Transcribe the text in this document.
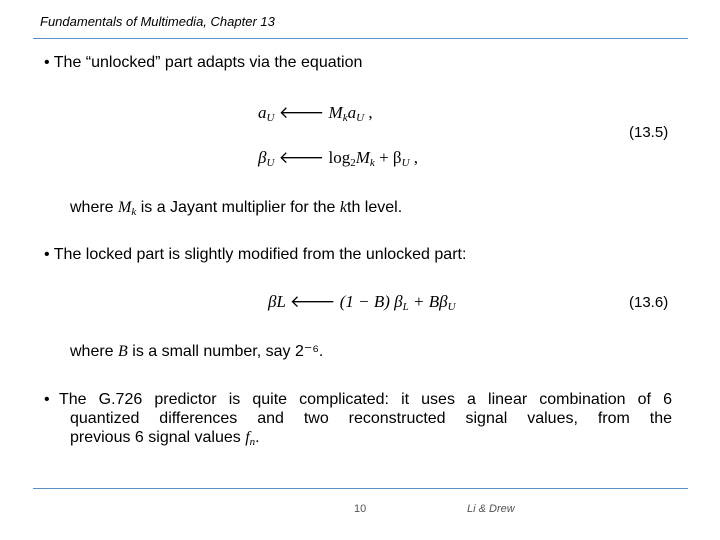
Fundamentals of Multimedia, Chapter 13
• The “unlocked” part adapts via the equation
$a_U$ 🡐 $M_ka_U$ ,
(13.5)
$\beta_U$ 🡐 $\log_2M_k + \beta_U$ ,
where $M_k$ is a Jayant multiplier for the kth level.
• The locked part is slightly modified from the unlocked part:
βL 🡐 (1 − B) $\beta_L + B\beta_U$	(13.6)
where B is a small number, say 2⁻⁶.
• The G.726 predictor is quite complicated: it uses a linear combination of 6
quantized differences and two reconstructed signal values, from the
previous 6 signal values $f_n$.
10	Li & Drew
